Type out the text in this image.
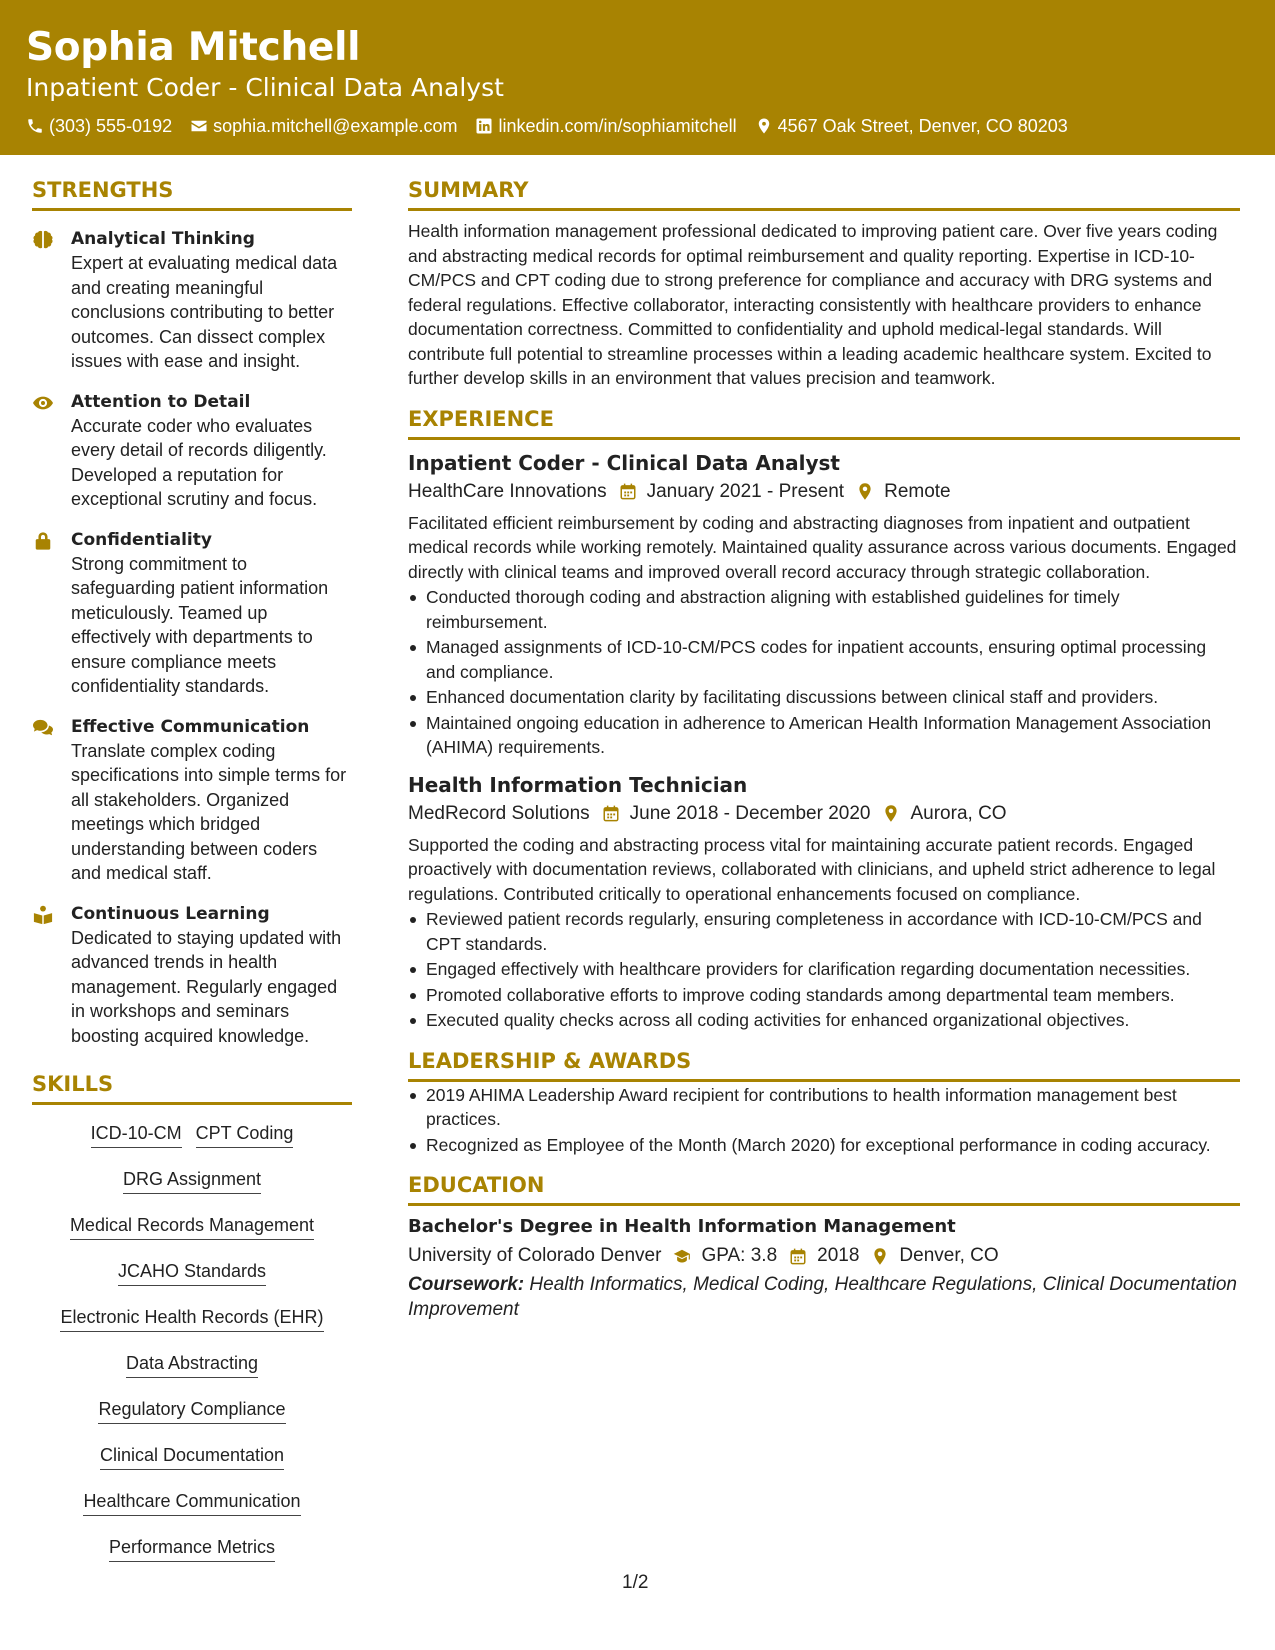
Sophia Mitchell
Inpatient Coder - Clinical Data Analyst
(303) 555-0192 sophia.mitchell@example.com linkedin.com/in/sophiamitchell 4567 Oak Street, Denver, CO 80203
STRENGTHS
Analytical Thinking
Expert at evaluating medical data and creating meaningful conclusions contributing to better outcomes. Can dissect complex issues with ease and insight.
Attention to Detail
Accurate coder who evaluates every detail of records diligently. Developed a reputation for exceptional scrutiny and focus.
Confidentiality
Strong commitment to safeguarding patient information meticulously. Teamed up effectively with departments to ensure compliance meets confidentiality standards.
Effective Communication
Translate complex coding specifications into simple terms for all stakeholders. Organized meetings which bridged understanding between coders and medical staff.
Continuous Learning
Dedicated to staying updated with advanced trends in health management. Regularly engaged in workshops and seminars boosting acquired knowledge.
SKILLS
ICD-10-CM CPT Coding
DRG Assignment
Medical Records Management
JCAHO Standards
Electronic Health Records (EHR)
Data Abstracting
Regulatory Compliance
Clinical Documentation
Healthcare Communication
Performance Metrics
SUMMARY
Health information management professional dedicated to improving patient care. Over five years coding and abstracting medical records for optimal reimbursement and quality reporting. Expertise in ICD-10-CM/PCS and CPT coding due to strong preference for compliance and accuracy with DRG systems and federal regulations. Effective collaborator, interacting consistently with healthcare providers to enhance documentation correctness. Committed to confidentiality and uphold medical-legal standards. Will contribute full potential to streamline processes within a leading academic healthcare system. Excited to further develop skills in an environment that values precision and teamwork.
EXPERIENCE
Inpatient Coder - Clinical Data Analyst
HealthCare Innovations January 2021 - Present Remote
Facilitated efficient reimbursement by coding and abstracting diagnoses from inpatient and outpatient medical records while working remotely. Maintained quality assurance across various documents. Engaged directly with clinical teams and improved overall record accuracy through strategic collaboration.
Conducted thorough coding and abstraction aligning with established guidelines for timely reimbursement.
Managed assignments of ICD-10-CM/PCS codes for inpatient accounts, ensuring optimal processing and compliance.
Enhanced documentation clarity by facilitating discussions between clinical staff and providers.
Maintained ongoing education in adherence to American Health Information Management Association (AHIMA) requirements.
Health Information Technician
MedRecord Solutions June 2018 - December 2020 Aurora, CO
Supported the coding and abstracting process vital for maintaining accurate patient records. Engaged proactively with documentation reviews, collaborated with clinicians, and upheld strict adherence to legal regulations. Contributed critically to operational enhancements focused on compliance.
Reviewed patient records regularly, ensuring completeness in accordance with ICD-10-CM/PCS and CPT standards.
Engaged effectively with healthcare providers for clarification regarding documentation necessities.
Promoted collaborative efforts to improve coding standards among departmental team members.
Executed quality checks across all coding activities for enhanced organizational objectives.
LEADERSHIP & AWARDS
2019 AHIMA Leadership Award recipient for contributions to health information management best practices.
Recognized as Employee of the Month (March 2020) for exceptional performance in coding accuracy.
EDUCATION
Bachelor's Degree in Health Information Management
University of Colorado Denver GPA: 3.8 2018 Denver, CO
Coursework: Health Informatics, Medical Coding, Healthcare Regulations, Clinical Documentation Improvement
1/2
